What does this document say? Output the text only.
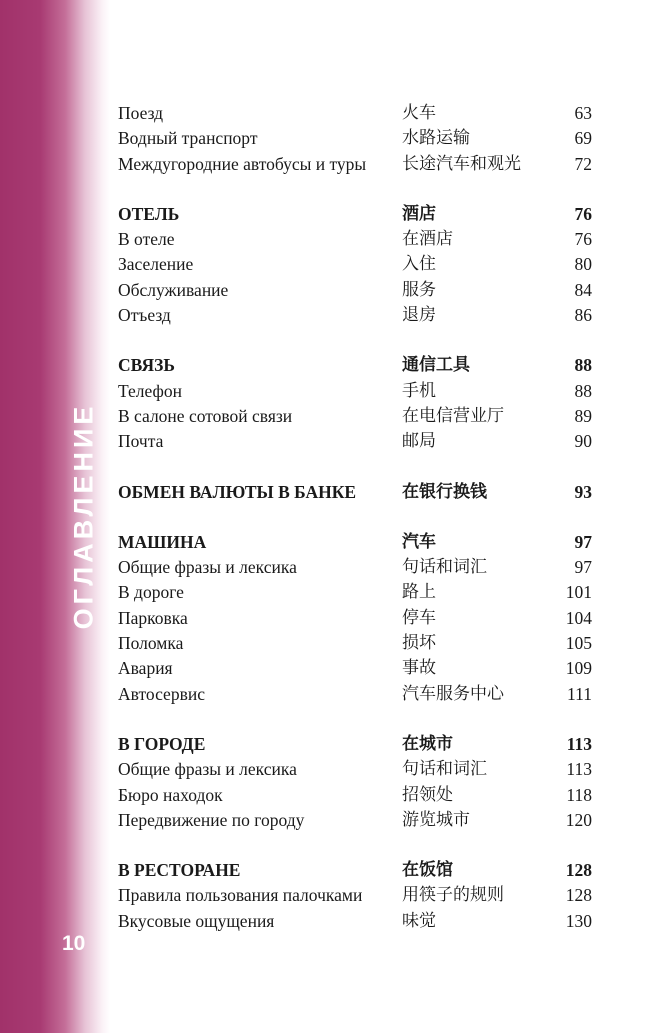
ОГЛАВЛЕНИЕ
10
Поезд	火车	63
Водный транспорт	水路运输	69
Междугородние автобусы и туры 长途汽车和观光	72
ОТЕЛЬ	酒店	76
В отеле	在酒店	76
Заселение	入住	80
Обслуживание	服务	84
Отъезд	退房	86
СВЯЗЬ	通信工具	88
Телефон	手机	88
В салоне сотовой связи	在电信营业厅	89
Почта	邮局	90
ОБМЕН ВАЛЮТЫ В БАНКЕ	在银行换钱	93
МАШИНА	汽车	97
Общие фразы и лексика	句话和词汇	97
В дороге	路上	101
Парковка	停车	104
Поломка	损坏	105
Авария	事故	109
Автосервис	汽车服务中心	111
В ГОРОДЕ	在城市	113
Общие фразы и лексика	句话和词汇	113
Бюро находок	招领处	118
Передвижение по городу	游览城市	120
В РЕСТОРАНЕ	在饭馆	128
Правила пользования палочками 用筷子的规则	128
Вкусовые ощущения	味觉	130
